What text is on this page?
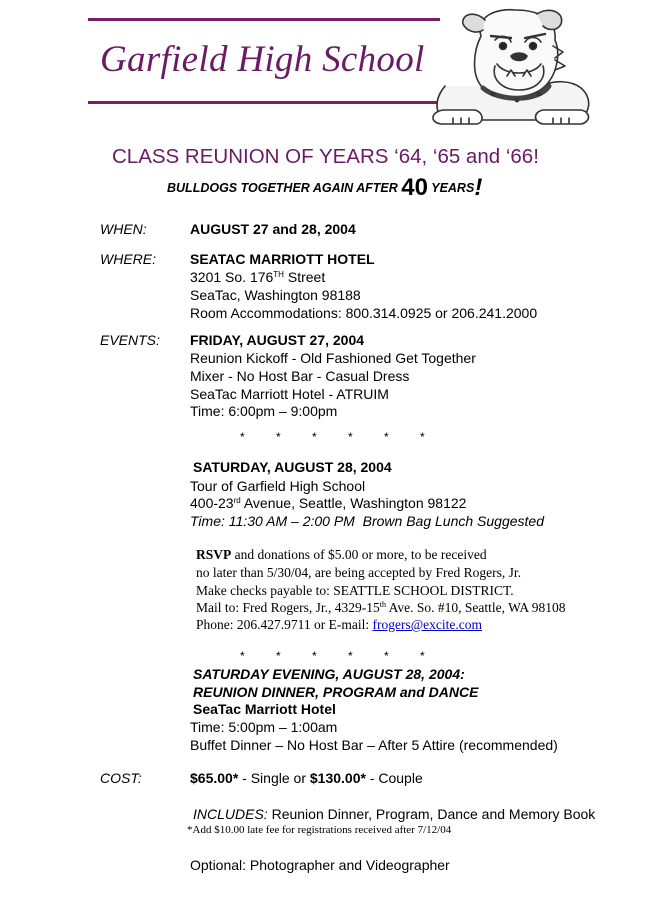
Garfield High School
CLASS REUNION OF YEARS ‘64, ‘65 and ‘66!
BULLDOGS TOGETHER AGAIN AFTER 40 YEARS!
WHEN:	AUGUST 27 and 28, 2004
WHERE: SEATAC MARRIOTT HOTEL
3201 So. 176TH Street
SeaTac, Washington 98188
Room Accommodations: 800.314.0925 or 206.241.2000
EVENTS: FRIDAY, AUGUST 27, 2004
Reunion Kickoff - Old Fashioned Get Together
Mixer - No Host Bar - Casual Dress
SeaTac Marriott Hotel - ATRUIM
Time: 6:00pm – 9:00pm
*	*	*	*	*	*
SATURDAY, AUGUST 28, 2004
Tour of Garfield High School
400-23rd Avenue, Seattle, Washington 98122
Time: 11:30 AM – 2:00 PM Brown Bag Lunch Suggested
RSVP and donations of $5.00 or more, to be received
no later than 5/30/04, are being accepted by Fred Rogers, Jr.
Make checks payable to: SEATTLE SCHOOL DISTRICT.
Mail to: Fred Rogers, Jr., 4329-15th Ave. So. #10, Seattle, WA 98108
Phone: 206.427.9711 or E-mail: frogers@excite.com
*	*	*	*	*	*
SATURDAY EVENING, AUGUST 28, 2004:
REUNION DINNER, PROGRAM and DANCE
SeaTac Marriott Hotel
Time: 5:00pm – 1:00am
Buffet Dinner – No Host Bar – After 5 Attire (recommended)
COST:	$65.00* - Single or $130.00* - Couple
INCLUDES: Reunion Dinner, Program, Dance and Memory Book
*Add $10.00 late fee for registrations received after 7/12/04
Optional: Photographer and Videographer
